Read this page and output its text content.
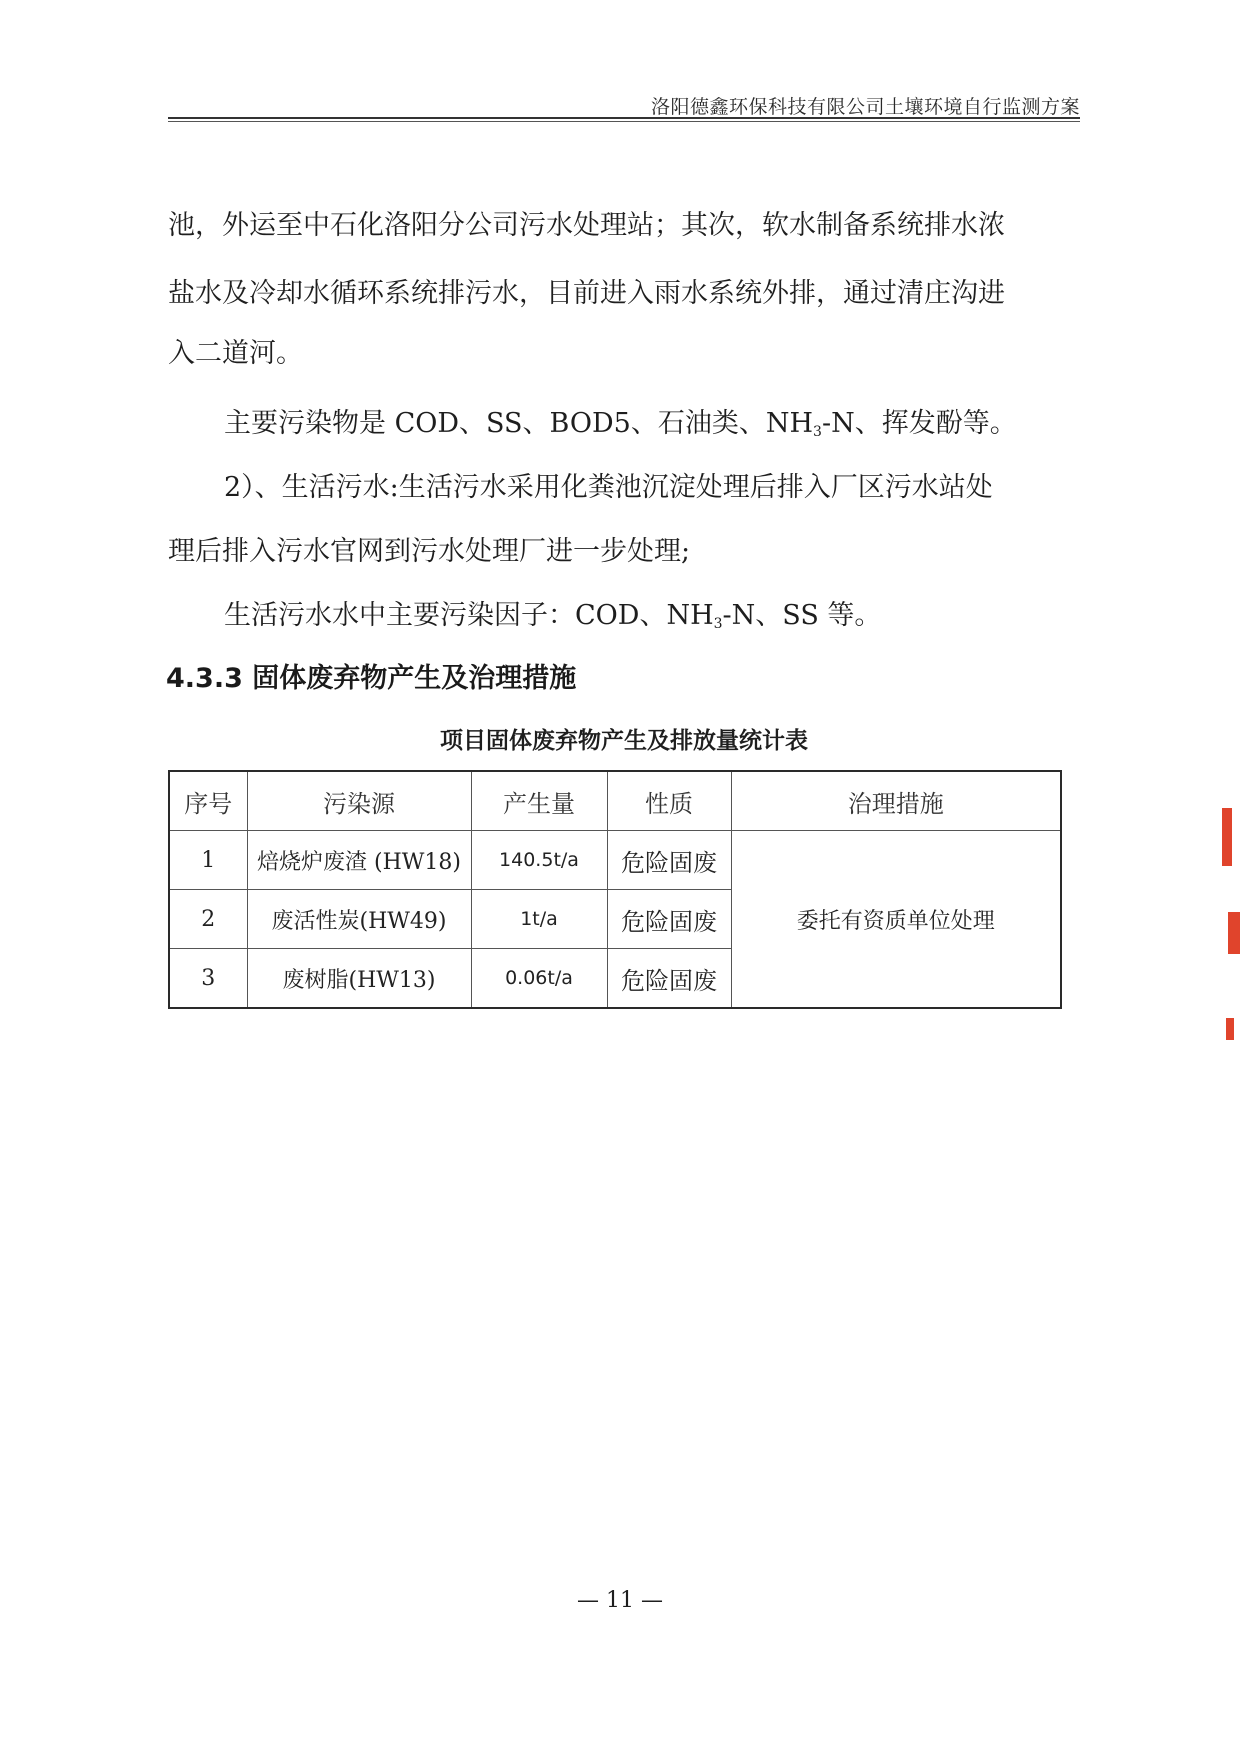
洛阳德鑫环保科技有限公司土壤环境自行监测方案
池，外运至中石化洛阳分公司污水处理站；其次，软水制备系统排水浓
盐水及冷却水循环系统排污水，目前进入雨水系统外排，通过清庄沟进
入二道河。
主要污染物是 COD、SS、BOD5、石油类、$NH_3-N$、挥发酚等。
2）、生活污水:生活污水采用化粪池沉淀处理后排入厂区污水站处
理后排入污水官网到污水处理厂进一步处理;
生活污水水中主要污染因子：COD、$NH_3-N$、SS 等。
4.3.3 固体废弃物产生及治理措施
项目固体废弃物产生及排放量统计表
序号	污染源	产生量	性质	治理措施
1	焙烧炉废渣 (HW18)	140.5t/a	危险固废	委托有资质单位处理
2	废活性炭(HW49)	1t/a	危险固废	
3	废树脂(HW13)	0.06t/a	危险固废	
— 11 —
